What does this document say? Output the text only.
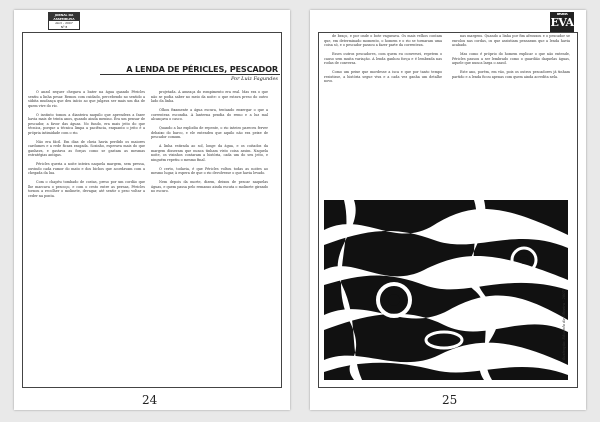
JORNAL DA
ASSEMBLEIA
Abril - 2007
Nº 8
A LENDA DE PÉRICLES, PESCADOR
Por Luiz Fagundes

O anzol sequer chegava a bater na água quando Péricles sentiu a linha pesar. Remou com cuidado, percebendo no sentido a súbita mudança que deu início ao que julgava ser mais um dia de quem vive do rio.

O instinto tomou a dianteira naquilo que aprendera a fazer havia mais de trinta anos, quando ainda menino. Era um pensar de pescador, a favor das águas. No fundo, era mais jeito do que técnica, porque a técnica limpa a paciência, enquanto o jeito é a própria intimidade com o rio.

Não era fácil. Em dias de cheia havia perdido os maiores cardumes e a rede ficara rasgada. Sozinho, esperava mais do que ganhava, e gastava as forças como se gastam as mesmas estratégias antigas.

Péricles queria a noite inteira naquela margem, sem pressa, ouvindo cada rumor do mato e dos bichos que acordavam com a chegada da lua.

Com o chapéu tombado de costas, preso por um cordão que lhe marcava o pescoço, e com o cesto entre as pernas, Péricles tornou a recolher o molinete, devagar, até sentir o peso voltar a ceder na ponta.

projetada. A ameaça do rompimento era real. Mas era o que não se podia saber no meio da noite: o que estava preso do outro lado da linha.

Olhou fixamente a água escura, tentando enxergar o que a correnteza escondia. A lanterna pendia do remo e a luz mal alcançava o casco.

Quando a luz explodiu de repente, o rio inteiro pareceu ferver debaixo do barco, e ele entendeu que aquilo não era peixe de pescador comum.

A linha estirada ao sol, longe da água, e os coitados da margem disseram que nunca tinham visto coisa assim. Naquela noite, os vizinhos contaram a história, cada um do seu jeito, e ninguém repetiu o mesmo final.

O certo, todavia, é que Péricles voltou todas as noites ao mesmo lugar, à espera de que o rio devolvesse o que havia levado.

Nem depois da morte, dizem, deixou de pescar naquelas águas, e quem passa pelo remanso ainda escuta o molinete girando no escuro.

24
REVISTA
EVA

de braço, e por onde o bote vagueava. Os mais velhos contam que, em determinado momento, o homem e o rio se tornaram uma coisa só, e o pescador passou a fazer parte da correnteza.

Esses outros pescadores, com quem eu conversei, repetem o causo sem muita variação. A lenda ganhou força e é lembrada nas rodas de conversa.

Como um peixe que mordesse a isca e que por tanto tempo resistisse, a história segue viva e a cada vez ganha um detalhe novo.

nas margens. Quando a linha por fim afrouxou e o pescador se enrolou nas cordas, os que assistiam pensaram que a lenda havia acabado.

Mas como é próprio do homem explicar o que não entende, Péricles passou a ser lembrado como o guardião daquelas águas, aquele que nunca larga o anzol.

Este ano, porém, em vão, pois os outros pescadores já tinham partido e a lenda ficou apenas com quem ainda acredita nela.

ilustração: Eduardo de Oliveira - 2007
25
